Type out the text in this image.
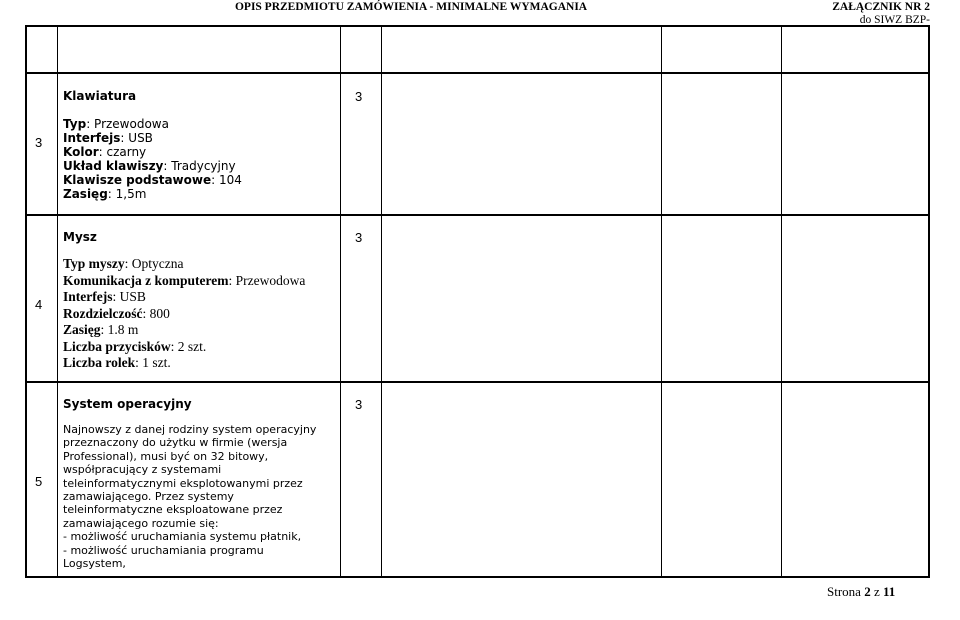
OPIS PRZEDMIOTU ZAMÓWIENIA - MINIMALNE WYMAGANIA	ZAŁĄCZNIK NR 2
do SIWZ BZP-
3
Klawiatura
Typ: Przewodowa
Interfejs: USB
Kolor: czarny
Układ klawiszy: Tradycyjny
Klawisze podstawowe: 104
Zasięg: 1,5m
3
4
Mysz
Typ myszy: Optyczna
Komunikacja z komputerem: Przewodowa
Interfejs: USB
Rozdzielczość: 800
Zasięg: 1.8 m
Liczba przycisków: 2 szt.
Liczba rolek: 1 szt.
3
5
System operacyjny
Najnowszy z danej rodziny system operacyjny
przeznaczony do użytku w firmie (wersja
Professional), musi być on 32 bitowy,
współpracujący z systemami
teleinformatycznymi eksplotowanymi przez
zamawiającego. Przez systemy
teleinformatyczne eksploatowane przez
zamawiającego rozumie się:
- możliwość uruchamiania systemu płatnik,
- możliwość uruchamiania programu
Logsystem,
3
Strona 2 z 11
